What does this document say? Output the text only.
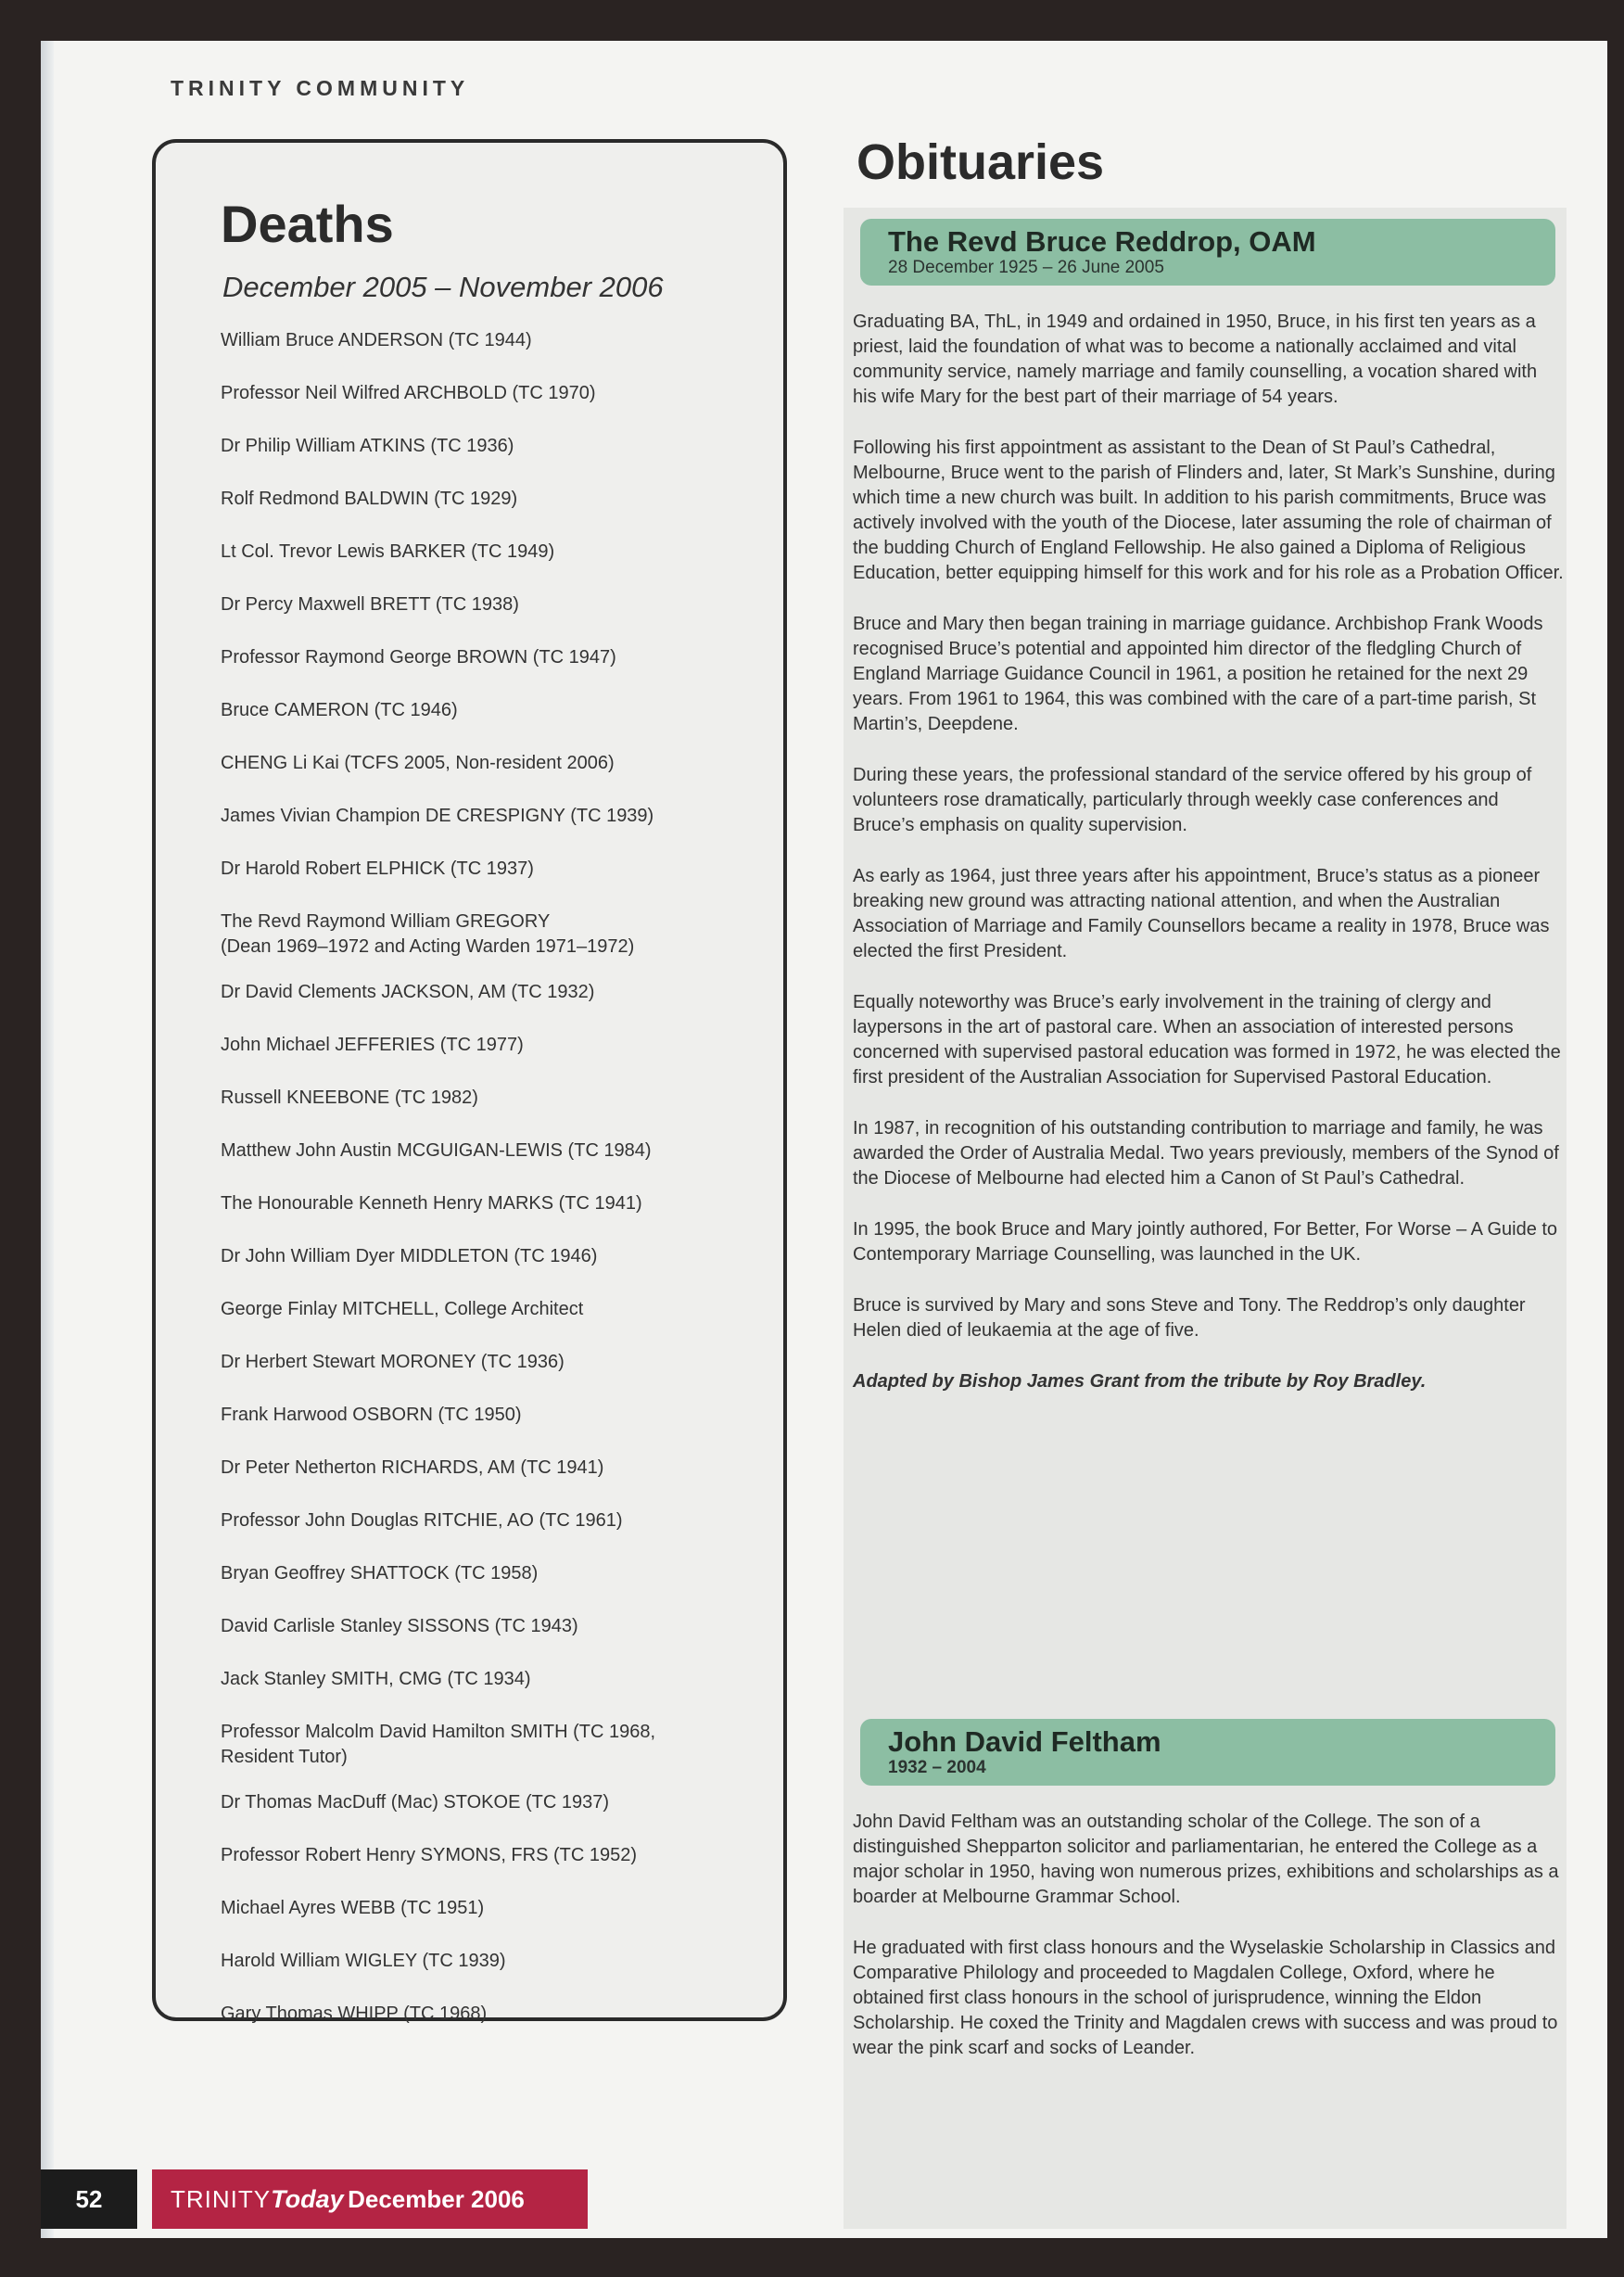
TRINITY COMMUNITY
Deaths
December 2005 – November 2006
William Bruce ANDERSON (TC 1944)
Professor Neil Wilfred ARCHBOLD (TC 1970)
Dr Philip William ATKINS (TC 1936)
Rolf Redmond BALDWIN (TC 1929)
Lt Col. Trevor Lewis BARKER (TC 1949)
Dr Percy Maxwell BRETT (TC 1938)
Professor Raymond George BROWN (TC 1947)
Bruce CAMERON (TC 1946)
CHENG Li Kai (TCFS 2005, Non-resident 2006)
James Vivian Champion DE CRESPIGNY (TC 1939)
Dr Harold Robert ELPHICK (TC 1937)
The Revd Raymond William GREGORY
(Dean 1969–1972 and Acting Warden 1971–1972)
Dr David Clements JACKSON, AM (TC 1932)
John Michael JEFFERIES (TC 1977)
Russell KNEEBONE (TC 1982)
Matthew John Austin MCGUIGAN-LEWIS (TC 1984)
The Honourable Kenneth Henry MARKS (TC 1941)
Dr John William Dyer MIDDLETON (TC 1946)
George Finlay MITCHELL, College Architect
Dr Herbert Stewart MORONEY (TC 1936)
Frank Harwood OSBORN (TC 1950)
Dr Peter Netherton RICHARDS, AM (TC 1941)
Professor John Douglas RITCHIE, AO (TC 1961)
Bryan Geoffrey SHATTOCK (TC 1958)
David Carlisle Stanley SISSONS (TC 1943)
Jack Stanley SMITH, CMG (TC 1934)
Professor Malcolm David Hamilton SMITH (TC 1968,
Resident Tutor)
Dr Thomas MacDuff (Mac) STOKOE (TC 1937)
Professor Robert Henry SYMONS, FRS (TC 1952)
Michael Ayres WEBB (TC 1951)
Harold William WIGLEY (TC 1939)
Gary Thomas WHIPP (TC 1968)
Obituaries
The Revd Bruce Reddrop, OAM
28 December 1925 – 26 June 2005

Graduating BA, ThL, in 1949 and ordained in 1950, Bruce, in his first ten years as a priest, laid the foundation of what was to become a nationally acclaimed and vital community service, namely marriage and family counselling, a vocation shared with his wife Mary for the best part of their marriage of 54 years.

Following his first appointment as assistant to the Dean of St Paul’s Cathedral, Melbourne, Bruce went to the parish of Flinders and, later, St Mark’s Sunshine, during which time a new church was built. In addition to his parish commitments, Bruce was actively involved with the youth of the Diocese, later assuming the role of chairman of the budding Church of England Fellowship. He also gained a Diploma of Religious Education, better equipping himself for this work and for his role as a Probation Officer.

Bruce and Mary then began training in marriage guidance. Archbishop Frank Woods recognised Bruce’s potential and appointed him director of the fledgling Church of England Marriage Guidance Council in 1961, a position he retained for the next 29 years. From 1961 to 1964, this was combined with the care of a part-time parish, St Martin’s, Deepdene.

During these years, the professional standard of the service offered by his group of volunteers rose dramatically, particularly through weekly case conferences and Bruce’s emphasis on quality supervision.

As early as 1964, just three years after his appointment, Bruce’s status as a pioneer breaking new ground was attracting national attention, and when the Australian Association of Marriage and Family Counsellors became a reality in 1978, Bruce was elected the first President.

Equally noteworthy was Bruce’s early involvement in the training of clergy and laypersons in the art of pastoral care. When an association of interested persons concerned with supervised pastoral education was formed in 1972, he was elected the first president of the Australian Association for Supervised Pastoral Education.

In 1987, in recognition of his outstanding contribution to marriage and family, he was awarded the Order of Australia Medal. Two years previously, members of the Synod of the Diocese of Melbourne had elected him a Canon of St Paul’s Cathedral.

In 1995, the book Bruce and Mary jointly authored, For Better, For Worse – A Guide to Contemporary Marriage Counselling, was launched in the UK.

Bruce is survived by Mary and sons Steve and Tony. The Reddrop’s only daughter Helen died of leukaemia at the age of five.

Adapted by Bishop James Grant from the tribute by Roy Bradley.

John David Feltham
1932 – 2004

John David Feltham was an outstanding scholar of the College. The son of a distinguished Shepparton solicitor and parliamentarian, he entered the College as a major scholar in 1950, having won numerous prizes, exhibitions and scholarships as a boarder at Melbourne Grammar School.

He graduated with first class honours and the Wyselaskie Scholarship in Classics and Comparative Philology and proceeded to Magdalen College, Oxford, where he obtained first class honours in the school of jurisprudence, winning the Eldon Scholarship. He coxed the Trinity and Magdalen crews with success and was proud to wear the pink scarf and socks of Leander.

52	TRINITYToday December 2006
